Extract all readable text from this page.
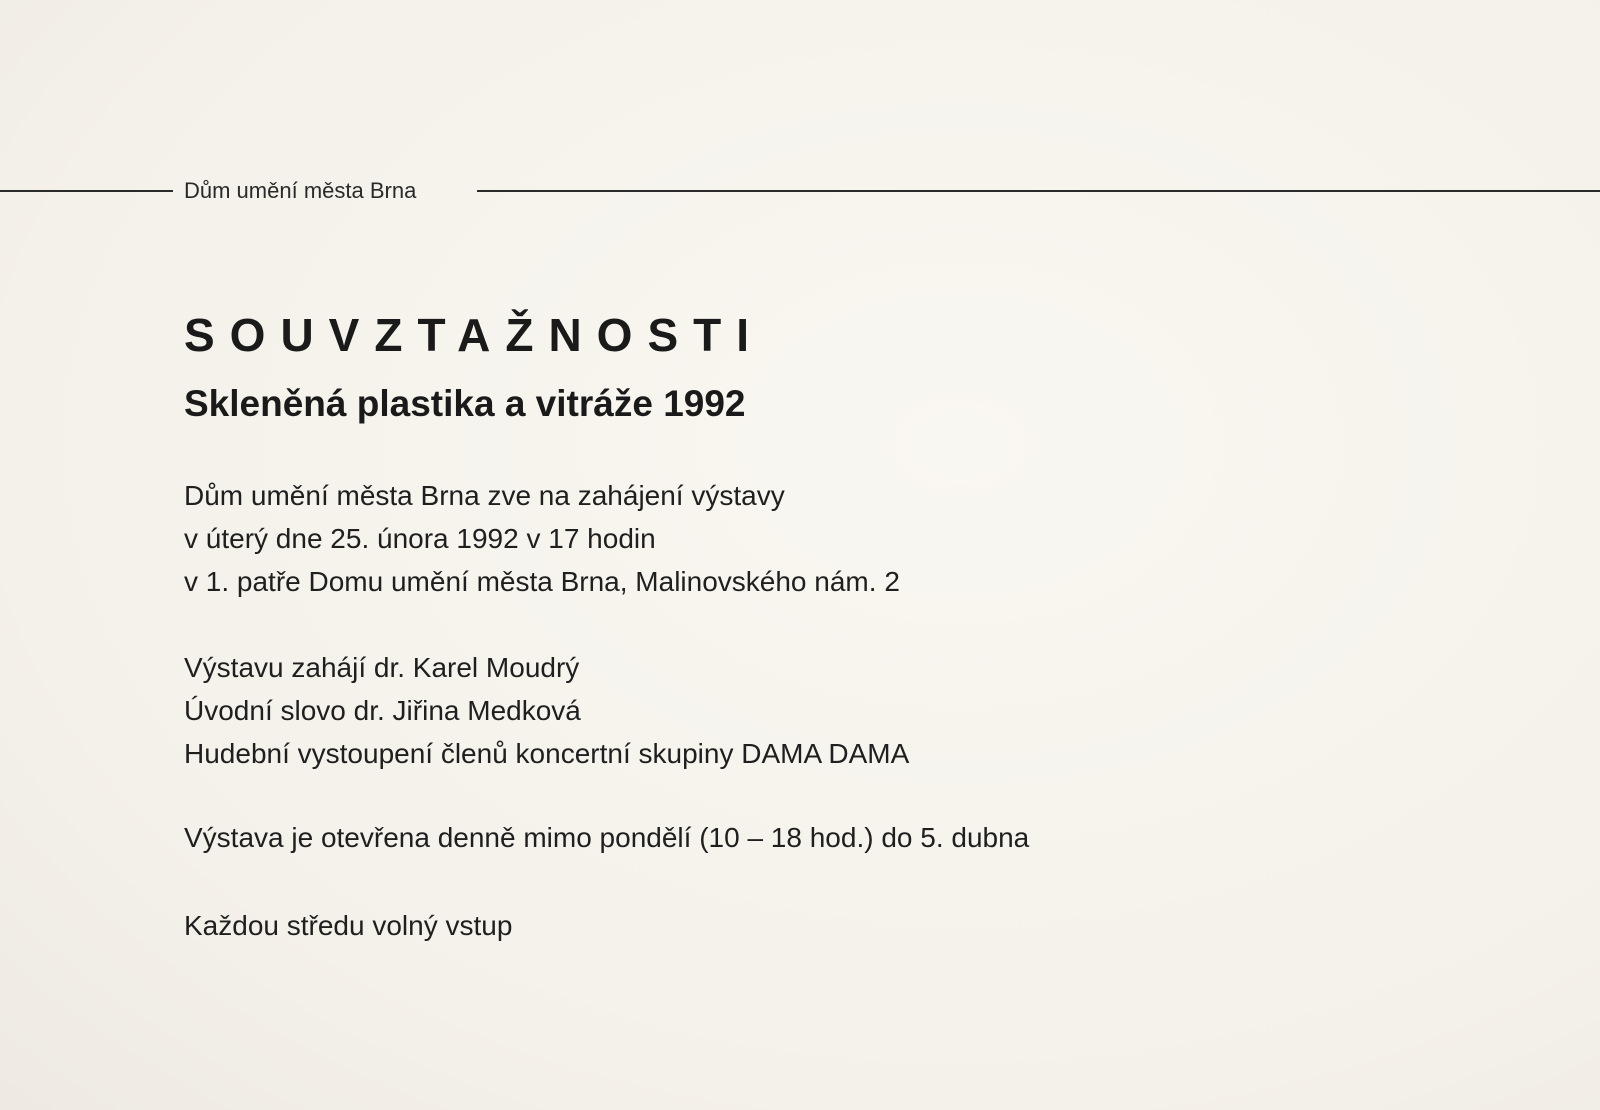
Dům umění města Brna
SOUVZTAŽNOSTI
Skleněná plastika a vitráže 1992
Dům umění města Brna zve na zahájení výstavy
v úterý dne 25. února 1992 v 17 hodin
v 1. patře Domu umění města Brna, Malinovského nám. 2
Výstavu zahájí dr. Karel Moudrý
Úvodní slovo dr. Jiřina Medková
Hudební vystoupení členů koncertní skupiny DAMA DAMA
Výstava je otevřena denně mimo pondělí (10 – 18 hod.) do 5. dubna
Každou středu volný vstup
